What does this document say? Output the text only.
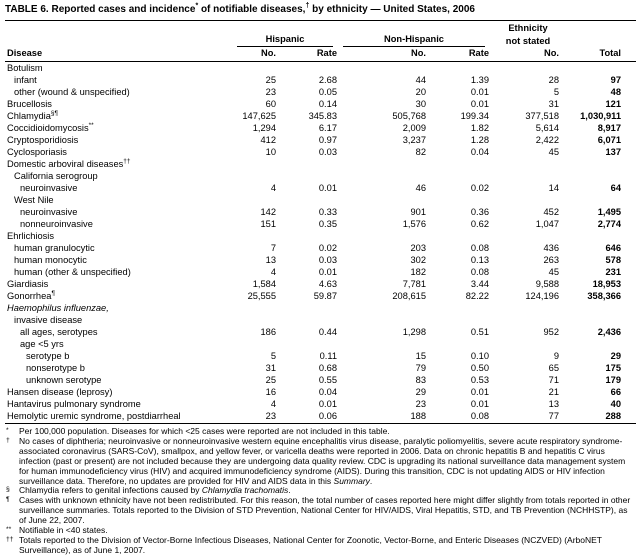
TABLE 6. Reported cases and incidence* of notifiable diseases,† by ethnicity — United States, 2006
					Ethnicity	

	Hispanic		Non-Hispanic		not stated	
Disease	No.	Rate	No.	Rate	No.	Total
Botulism						
infant	25	2.68	44	1.39	28	97
other (wound & unspecified)	23	0.05	20	0.01	5	48
Brucellosis	60	0.14	30	0.01	31	121
Chlamydia§¶	147,625	345.83	505,768	199.34	377,518	1,030,911
Coccidioidomycosis**	1,294	6.17	2,009	1.82	5,614	8,917
Cryptosporidiosis	412	0.97	3,237	1.28	2,422	6,071
Cyclosporiasis	10	0.03	82	0.04	45	137
Domestic arboviral diseases††						
California serogroup						
neuroinvasive	4	0.01	46	0.02	14	64
West Nile						
neuroinvasive	142	0.33	901	0.36	452	1,495
nonneuroinvasive	151	0.35	1,576	0.62	1,047	2,774
Ehrlichiosis						
human granulocytic	7	0.02	203	0.08	436	646
human monocytic	13	0.03	302	0.13	263	578
human (other & unspecified)	4	0.01	182	0.08	45	231
Giardiasis	1,584	4.63	7,781	3.44	9,588	18,953
Gonorrhea¶	25,555	59.87	208,615	82.22	124,196	358,366
Haemophilus influenzae,						
invasive disease						
all ages, serotypes	186	0.44	1,298	0.51	952	2,436
age <5 yrs						
serotype b	5	0.11	15	0.10	9	29
nonserotype b	31	0.68	79	0.50	65	175
unknown serotype	25	0.55	83	0.53	71	179
Hansen disease (leprosy)	16	0.04	29	0.01	21	66
Hantavirus pulmonary syndrome	4	0.01	23	0.01	13	40
Hemolytic uremic syndrome, postdiarrheal	23	0.06	188	0.08	77	288
* Per 100,000 population. Diseases for which <25 cases were reported are not included in this table.
† No cases of diphtheria; neuroinvasive or nonneuroinvasive western equine encephalitis virus disease, paralytic poliomyelitis, severe acute respiratory syndrome-associated coronavirus (SARS-CoV), smallpox, and yellow fever, or varicella deaths were reported in 2006. Data on chronic hepatitis B and hepatitis C virus infection (past or present) are not included because they are undergoing data quality review. CDC is upgrading its national surveillance data management system for human immunodeficiency virus (HIV) and acquired immunodeficiency syndrome (AIDS). During this transition, CDC is not updating AIDS or HIV infection surveillance data. Therefore, no updates are provided for HIV and AIDS data in this Summary.
§ Chlamydia refers to genital infections caused by Chlamydia trachomatis.
¶ Cases with unknown ethnicity have not been redistributed. For this reason, the total number of cases reported here might differ slightly from totals reported in other surveillance summaries. Totals reported to the Division of STD Prevention, National Center for HIV/AIDS, Viral Hepatitis, STD, and TB Prevention (NCHHSTP), as of June 22, 2007.
** Notifiable in <40 states.
†† Totals reported to the Division of Vector-Borne Infectious Diseases, National Center for Zoonotic, Vector-Borne, and Enteric Diseases (NCZVED) (ArboNET Surveillance), as of June 1, 2007.
